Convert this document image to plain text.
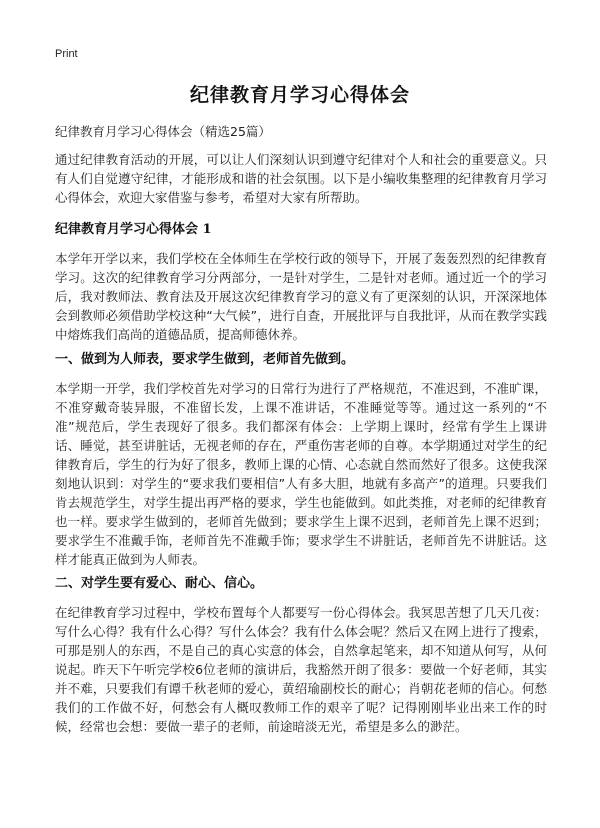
Print
纪律教育月学习心得体会
纪律教育月学习心得体会（精选25篇）

通过纪律教育活动的开展，可以让人们深刻认识到遵守纪律对个人和社会的重要意义。只有人们自觉遵守纪律，才能形成和谐的社会氛围。以下是小编收集整理的纪律教育月学习心得体会，欢迎大家借鉴与参考，希望对大家有所帮助。

纪律教育月学习心得体会 1

本学年开学以来，我们学校在全体师生在学校行政的领导下，开展了轰轰烈烈的纪律教育学习。这次的纪律教育学习分两部分，一是针对学生，二是针对老师。通过近一个的学习后，我对教师法、教育法及开展这次纪律教育学习的意义有了更深刻的认识，开深深地体会到教师必须借助学校这种“大气候”，进行自查，开展批评与自我批评，从而在教学实践中熔炼我们高尚的道德品质，提高师德休养。

一、做到为人师表，要求学生做到，老师首先做到。

本学期一开学，我们学校首先对学习的日常行为进行了严格规范，不准迟到，不准旷课，不准穿戴奇装异服，不准留长发，上课不准讲话，不准睡觉等等。通过这一系列的“不准”规范后，学生表现好了很多。我们都深有体会：上学期上课时，经常有学生上课讲话、睡觉，甚至讲脏话，无视老师的存在，严重伤害老师的自尊。本学期通过对学生的纪律教育后，学生的行为好了很多，教师上课的心情、心态就自然而然好了很多。这使我深刻地认识到：对学生的“要求我们要相信”人有多大胆，地就有多高产”的道理。只要我们肯去规范学生，对学生提出再严格的要求，学生也能做到。如此类推，对老师的纪律教育也一样。要求学生做到的，老师首先做到；要求学生上课不迟到，老师首先上课不迟到；要求学生不准戴手饰，老师首先不准戴手饰；要求学生不讲脏话，老师首先不讲脏话。这样才能真正做到为人师表。

二、对学生要有爱心、耐心、信心。

在纪律教育学习过程中，学校布置每个人都要写一份心得体会。我冥思苦想了几天几夜：写什么心得？我有什么心得？写什么体会？我有什么体会呢？然后又在网上进行了搜索，可那是别人的东西，不是自己的真心实意的体会，自然拿起笔来，却不知道从何写，从何说起。昨天下午听完学校6位老师的演讲后，我豁然开朗了很多：要做一个好老师，其实并不难，只要我们有谭千秋老师的爱心，黄绍瑜副校长的耐心；肖朝花老师的信心。何愁我们的工作做不好，何愁会有人概叹教师工作的艰辛了呢？记得刚刚毕业出来工作的时候，经常也会想：要做一辈子的老师，前途暗淡无光，希望是多么的渺茫。
